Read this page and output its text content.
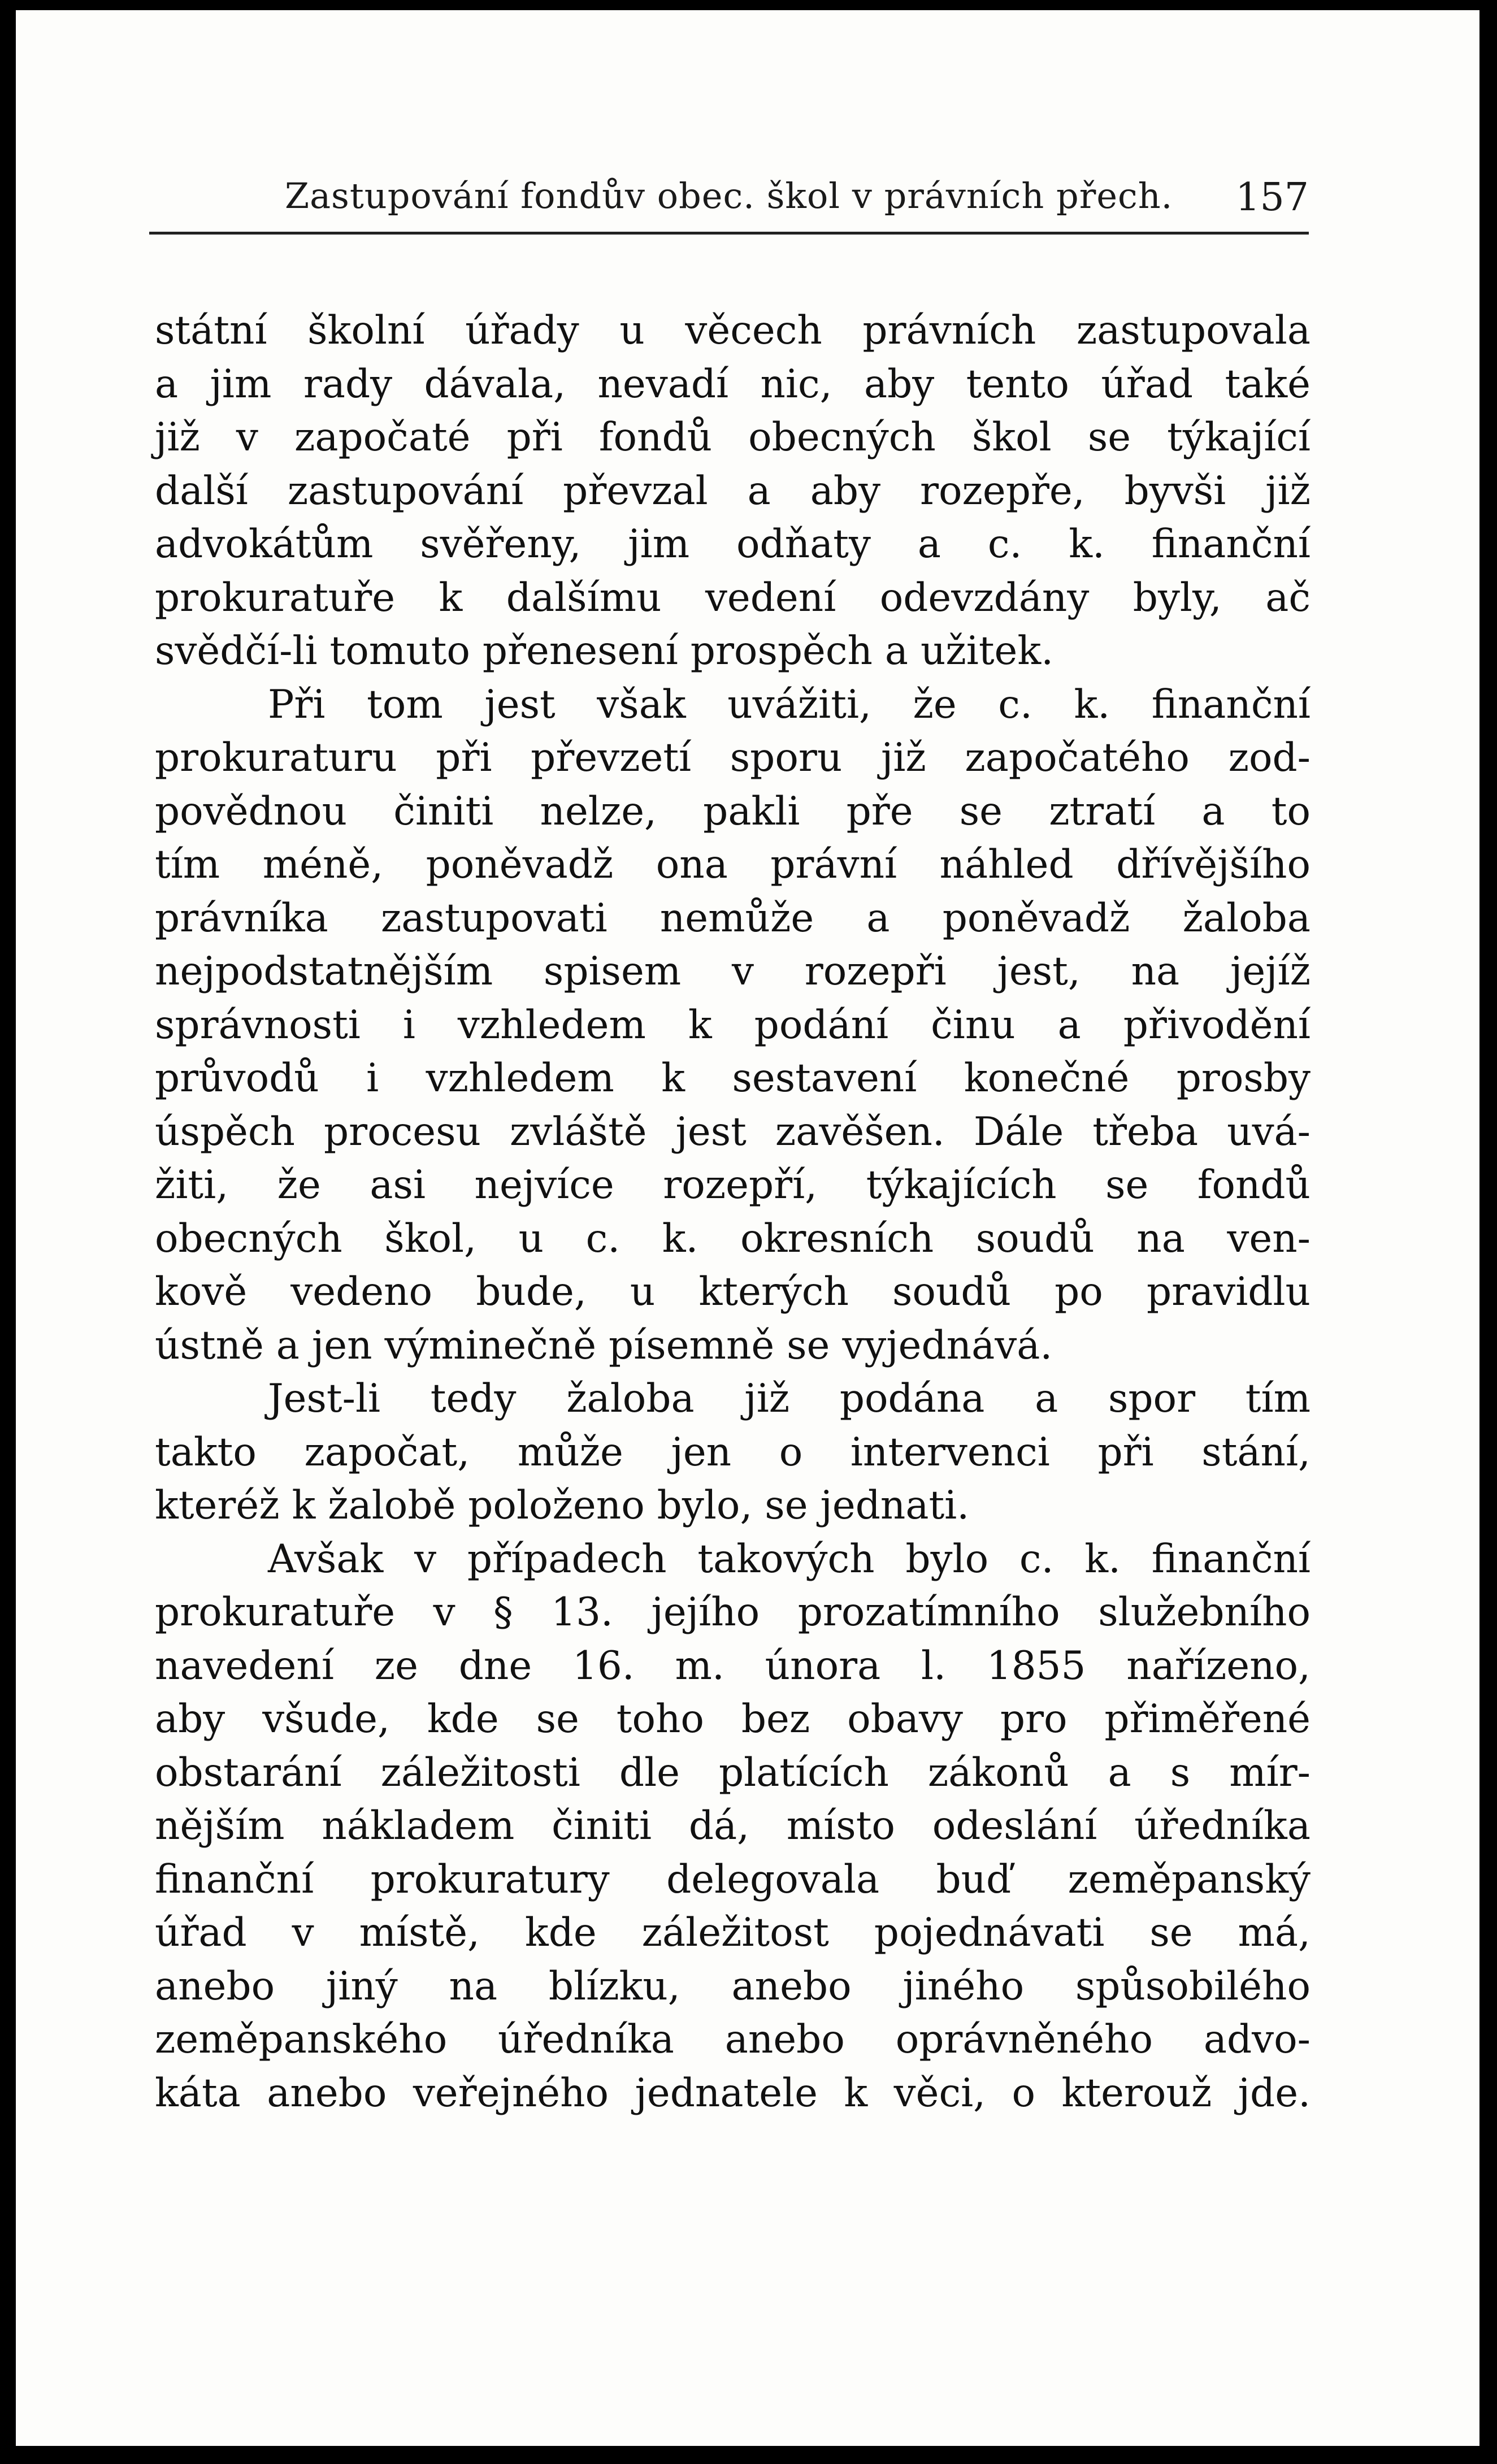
Zastupování fondův obec. škol v právních přech. 157
státní školní úřady u věcech právních zastupovala
a jim rady dávala, nevadí nic, aby tento úřad také
již v započaté při fondů obecných škol se týkající
další zastupování převzal a aby rozepře, byvši již
advokátům svěřeny, jim odňaty a c. k. finanční
prokuratuře k dalšímu vedení odevzdány byly, ač
svědčí-li tomuto přenesení prospěch a užitek.
Při tom jest však uvážiti, že c. k. finanční
prokuraturu při převzetí sporu již započatého zod-
povědnou činiti nelze, pakli pře se ztratí a to
tím méně, poněvadž ona právní náhled dřívějšího
právníka zastupovati nemůže a poněvadž žaloba
nejpodstatnějším spisem v rozepři jest, na jejíž
správnosti i vzhledem k podání činu a přivodění
průvodů i vzhledem k sestavení konečné prosby
úspěch procesu zvláště jest zavěšen. Dále třeba uvá-
žiti, že asi nejvíce rozepří, týkajících se fondů
obecných škol, u c. k. okresních soudů na ven-
kově vedeno bude, u kterých soudů po pravidlu
ústně a jen výminečně písemně se vyjednává.
Jest-li tedy žaloba již podána a spor tím
takto započat, může jen o intervenci při stání,
kteréž k žalobě položeno bylo, se jednati.
Avšak v případech takových bylo c. k. finanční
prokuratuře v § 13. jejího prozatímního služebního
navedení ze dne 16. m. února l. 1855 nařízeno,
aby všude, kde se toho bez obavy pro přiměřené
obstarání záležitosti dle platících zákonů a s mír-
nějším nákladem činiti dá, místo odeslání úředníka
finanční prokuratury delegovala buď zeměpanský
úřad v místě, kde záležitost pojednávati se má,
anebo jiný na blízku, anebo jiného spůsobilého
zeměpanského úředníka anebo oprávněného advo-
káta anebo veřejného jednatele k věci, o kterouž jde.
